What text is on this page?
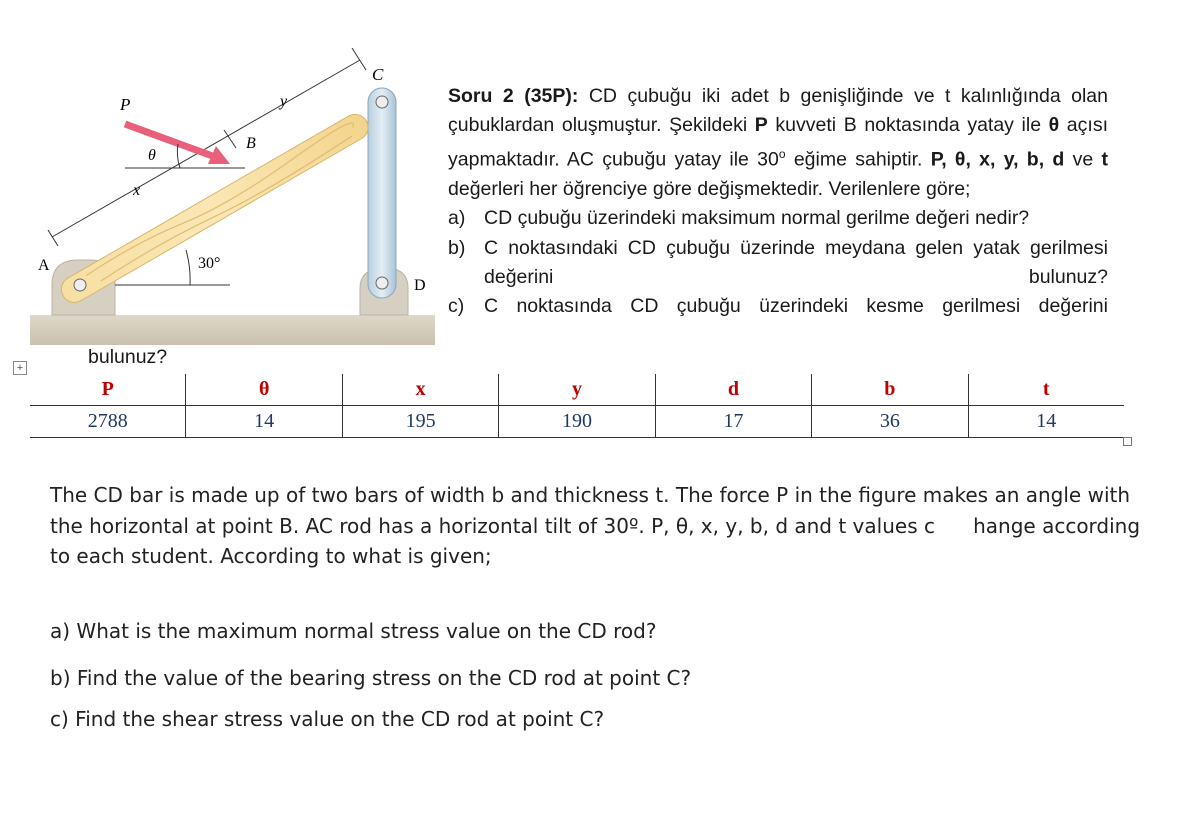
P
θ
x
y
A
B
C
D
30°

Soru 2 (35P): CD çubuğu iki adet b genişliğinde ve t kalınlığında olan çubuklardan oluşmuştur. Şekildeki P kuvveti B noktasında yatay ile θ açısı yapmaktadır. AC çubuğu yatay ile 30$^o$ eğime sahiptir. P, θ, x, y, b, d ve t değerleri her öğrenciye göre değişmektedir. Verilenlere göre;

a) CD çubuğu üzerindeki maksimum normal gerilme değeri nedir?
b) C noktasındaki CD çubuğu üzerinde meydana gelen yatak gerilmesi değerini bulunuz?
c)	C noktasında CD çubuğu üzerindeki kesme gerilmesi değerini
bulunuz?
+
P	θ	x	y	d	b	t
2788	14	195	190	17	36	14
The CD bar is made up of two bars of width b and thickness t. The force P in the figure makes an angle with the horizontal at point B. AC rod has a horizontal tilt of 30º. P, θ, x, y, b, d and t values c      hange according to each student. According to what is given;
a) What is the maximum normal stress value on the CD rod?
b) Find the value of the bearing stress on the CD rod at point C?
c) Find the shear stress value on the CD rod at point C?
